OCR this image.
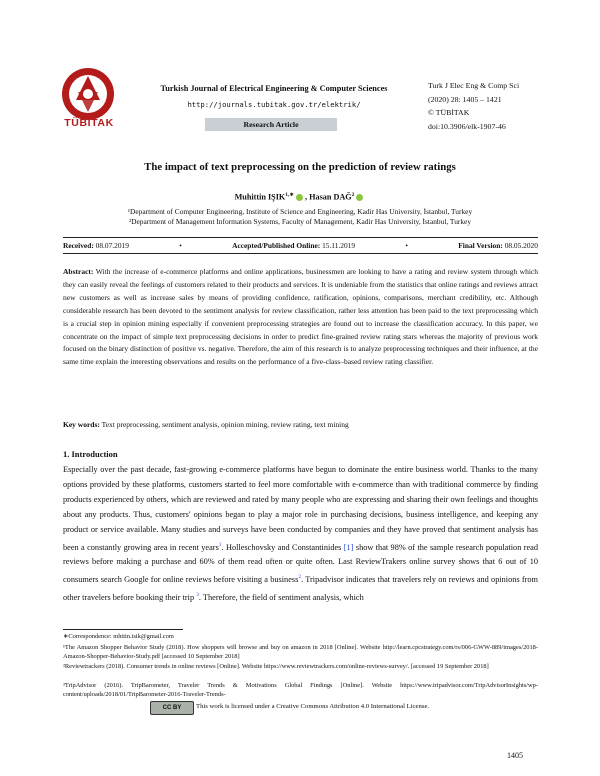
TÜBİTAK
Turkish Journal of Electrical Engineering & Computer Sciences
http://journals.tubitak.gov.tr/elektrik/
Research Article
Turk J Elec Eng & Comp Sci
(2020) 28: 1405 – 1421
© TÜBİTAK
doi:10.3906/elk-1907-46
The impact of text preprocessing on the prediction of review ratings
Muhittin $IŞIK^{1,∗}$ , Hasan DAĞ$^2$
¹Department of Computer Engineering, Institute of Science and Engineering, Kadir Has University, İstanbul, Turkey
²Department of Management Information Systems, Faculty of Management, Kadir Has University, İstanbul, Turkey
Received: 08.07.2019	•	Accepted/Published Online: 15.11.2019	•	Final Version: 08.05.2020
Abstract: With the increase of e-commerce platforms and online applications, businessmen are looking to have a rating and review system through which they can easily reveal the feelings of customers related to their products and services. It is undeniable from the statistics that online ratings and reviews attract new customers as well as increase sales by means of providing confidence, ratification, opinions, comparisons, merchant credibility, etc. Although considerable research has been devoted to the sentiment analysis for review classification, rather less attention has been paid to the text preprocessing which is a crucial step in opinion mining especially if convenient preprocessing strategies are found out to increase the classification accuracy. In this paper, we concentrate on the impact of simple text preprocessing decisions in order to predict fine-grained review rating stars whereas the majority of previous work focused on the binary distinction of positive vs. negative. Therefore, the aim of this research is to analyze preprocessing techniques and their influence, at the same time explain the interesting observations and results on the performance of a five-class–based review rating classifier.
Key words: Text preprocessing, sentiment analysis, opinion mining, review rating, text mining
1. Introduction

Especially over the past decade, fast-growing e-commerce platforms have begun to dominate the entire business world. Thanks to the many options provided by these platforms, customers started to feel more comfortable with e-commerce than with traditional commerce by finding products experienced by others, which are reviewed and rated by many people who are expressing and sharing their own feelings and thoughts about any products. Thus, customers' opinions began to play a major role in purchasing decisions, business intelligence, and keeping any product or service available. Many studies and surveys have been conducted by companies and they have proved that sentiment analysis has been a constantly growing area in recent years$^1$. Holleschovsky and Constantinides [1] show that 98% of the sample research population read reviews before making a purchase and 60% of them read often or quite often. Last ReviewTrakers online survey shows that 6 out of 10 consumers search Google for online reviews before visiting a business$^2$. Tripadvisor indicates that travelers rely on reviews and opinions from other travelers before booking their trip $^3$. Therefore, the field of sentiment analysis, which

∗Correspondence: mhttin.isik@gmail.com
¹The Amazon Shopper Behavior Study (2018). How shoppers will browse and buy on amazon in 2018 [Online]. Website http://learn.cpcstrategy.com/rs/006-GWW-889/images/2018-Amazon-Shopper-Behavior-Study.pdf [accessed 10 September 2018]
²Reviewtrackers (2018). Consumer trends in online reviews [Online]. Website https://www.reviewtrackers.com/online-reviews-survey/. [accessed 19 September 2018]
³TripAdvisor (2016). TripBarometer, Traveler Trends & Motivations Global Findings [Online]. Website https://www.tripadvisor.com/TripAdvisorInsights/wp-content/uploads/2018/01/TripBarometer-2016-Traveler-Trends-
CC BY	This work is licensed under a Creative Commons Attribution 4.0 International License.
1405
